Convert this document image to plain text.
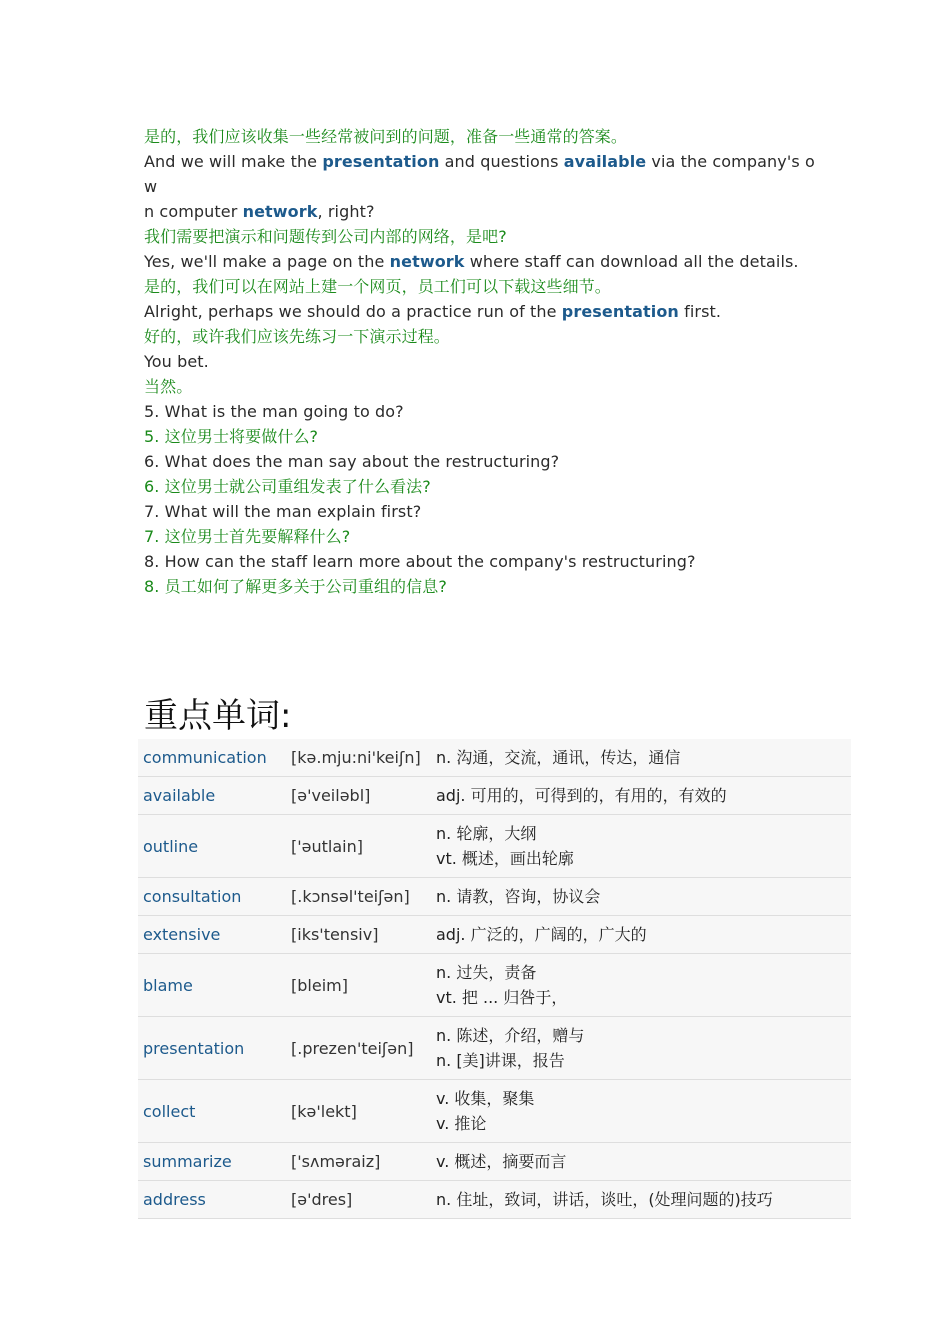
是的，我们应该收集一些经常被问到的问题，准备一些通常的答案。
And we will make the presentation and questions available via the company's ow
n computer network, right?
我们需要把演示和问题传到公司内部的网络，是吧?
Yes, we'll make a page on the network where staff can download all the details.
是的，我们可以在网站上建一个网页，员工们可以下载这些细节。
Alright, perhaps we should do a practice run of the presentation first.
好的，或许我们应该先练习一下演示过程。
You bet.
当然。
5. What is the man going to do?
5. 这位男士将要做什么?
6. What does the man say about the restructuring?
6. 这位男士就公司重组发表了什么看法?
7. What will the man explain first?
7. 这位男士首先要解释什么?
8. How can the staff learn more about the company's restructuring?
8. 员工如何了解更多关于公司重组的信息?
重点单词:
communication	[kə.mju:ni'keiʃn]	n. 沟通，交流，通讯，传达，通信

available	[ə'veiləbl]	adj. 可用的，可得到的，有用的，有效的

outline	['əutlain]	n. 轮廓，大纲
vt. 概述，画出轮廓

consultation	[.kɔnsəl'teiʃən]	n. 请教，咨询，协议会

extensive	[iks'tensiv]	adj. 广泛的，广阔的，广大的

blame	[bleim]	n. 过失，责备
vt. 把 ... 归咎于，

presentation	[.prezen'teiʃən]	n. 陈述，介绍，赠与
n. [美]讲课，报告

collect	[kə'lekt]	v. 收集，聚集
v. 推论

summarize	['sʌməraiz]	v. 概述，摘要而言

address	[ə'dres]	n. 住址，致词，讲话，谈吐，(处理问题的)技巧
